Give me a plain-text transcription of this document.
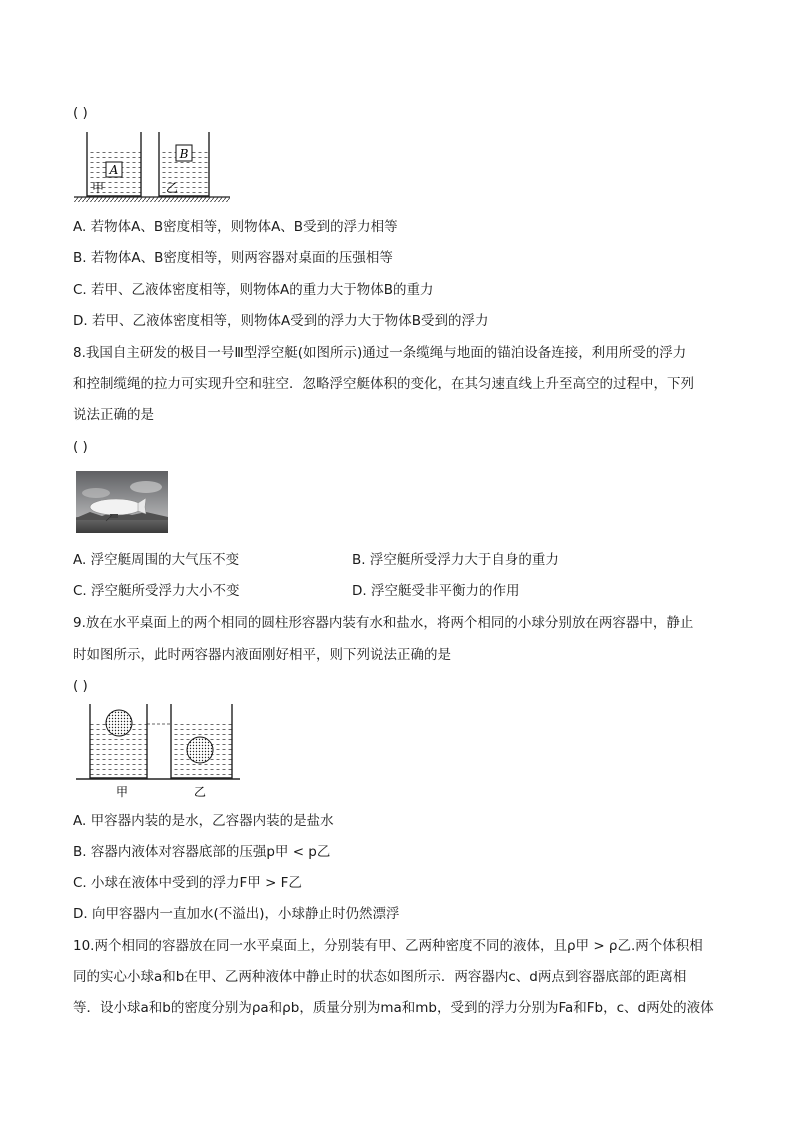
( )
A
甲
B
乙
A. 若物体A、B密度相等，则物体A、B受到的浮力相等
B. 若物体A、B密度相等，则两容器对桌面的压强相等
C. 若甲、乙液体密度相等，则物体A的重力大于物体B的重力
D. 若甲、乙液体密度相等，则物体A受到的浮力大于物体B受到的浮力
8.我国自主研发的极目一号Ⅲ型浮空艇(如图所示)通过一条缆绳与地面的锚泊设备连接，利用所受的浮力
和控制缆绳的拉力可实现升空和驻空．忽略浮空艇体积的变化，在其匀速直线上升至高空的过程中，下列
说法正确的是
( )
A. 浮空艇周围的大气压不变	B. 浮空艇所受浮力大于自身的重力
C. 浮空艇所受浮力大小不变	D. 浮空艇受非平衡力的作用
9.放在水平桌面上的两个相同的圆柱形容器内装有水和盐水，将两个相同的小球分别放在两容器中，静止
时如图所示，此时两容器内液面刚好相平，则下列说法正确的是
( )
甲	乙
A. 甲容器内装的是水，乙容器内装的是盐水
B. 容器内液体对容器底部的压强p甲 < p乙
C. 小球在液体中受到的浮力F甲 > F乙
D. 向甲容器内一直加水(不溢出)，小球静止时仍然漂浮
10.两个相同的容器放在同一水平桌面上，分别装有甲、乙两种密度不同的液体，且ρ甲 > ρ乙.两个体积相
同的实心小球a和b在甲、乙两种液体中静止时的状态如图所示．两容器内c、d两点到容器底部的距离相
等．设小球a和b的密度分别为ρa和ρb，质量分别为ma和mb，受到的浮力分别为Fa和Fb，c、d两处的液体
